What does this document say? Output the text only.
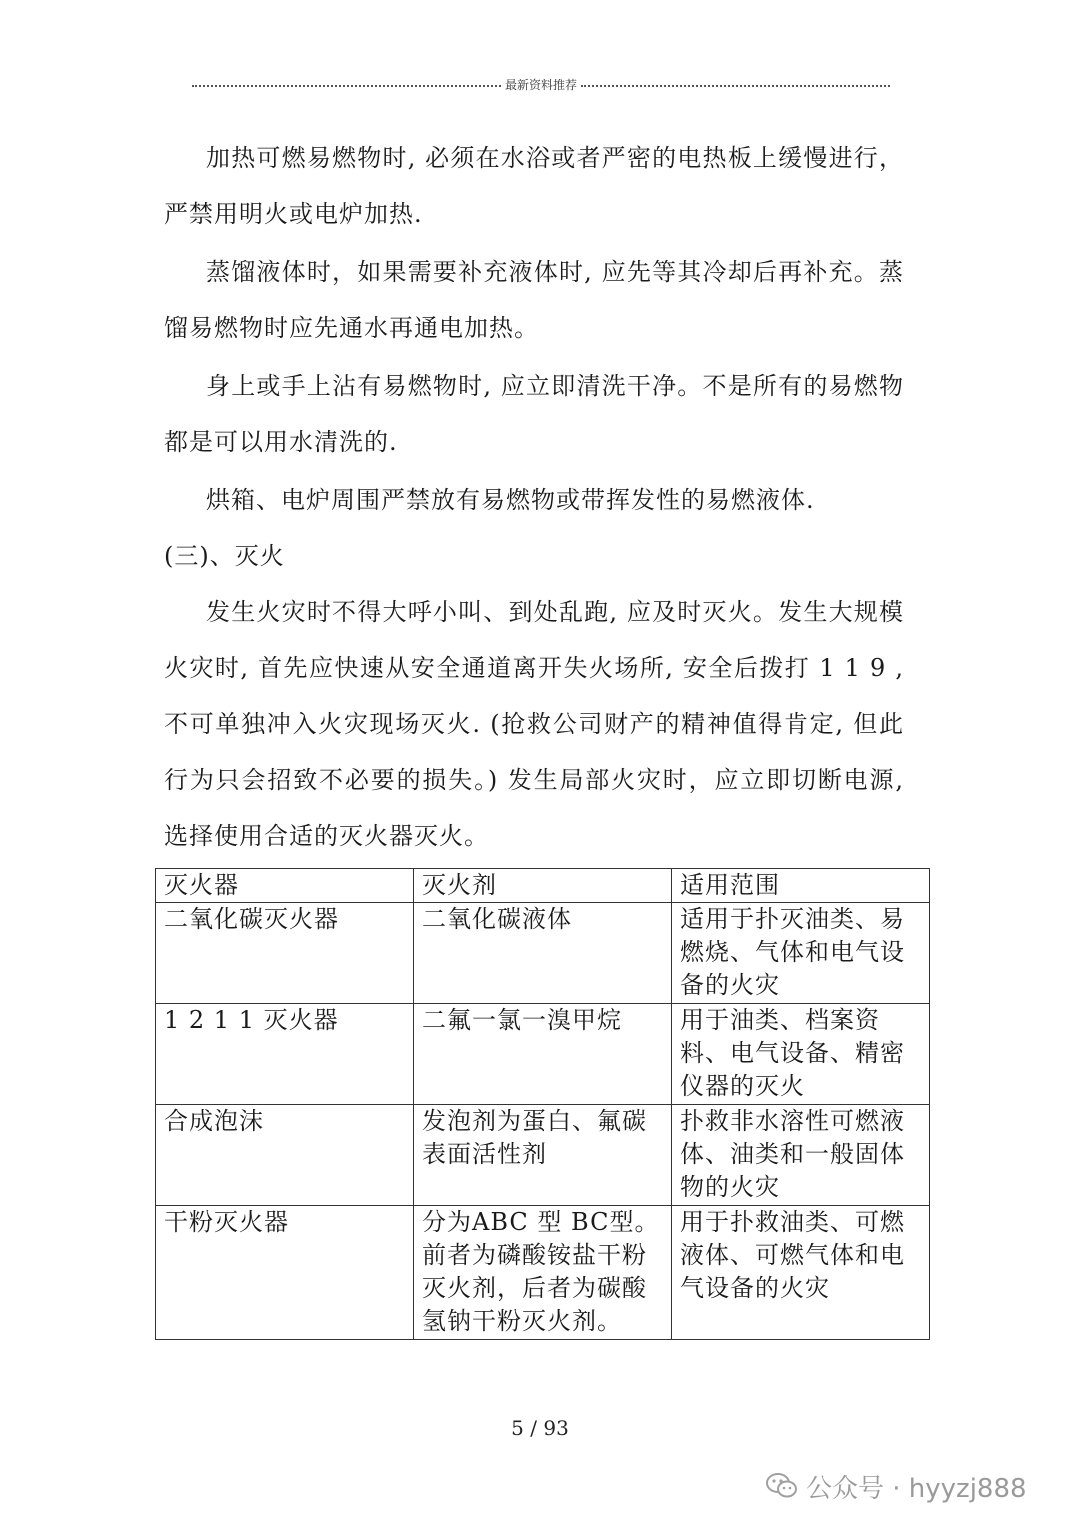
最新资料推荐

加热可燃易燃物时, 必须在水浴或者严密的电热板上缓慢进行，严禁用明火或电炉加热.

蒸馏液体时，如果需要补充液体时, 应先等其冷却后再补充。蒸馏易燃物时应先通水再通电加热。

身上或手上沾有易燃物时, 应立即清洗干净。不是所有的易燃物都是可以用水清洗的.

烘箱、电炉周围严禁放有易燃物或带挥发性的易燃液体.

(三)、灭火

发生火灾时不得大呼小叫、到处乱跑, 应及时灭火。发生大规模火灾时, 首先应快速从安全通道离开失火场所, 安全后拨打 1 1 9 , 不可单独冲入火灾现场灭火. (抢救公司财产的精神值得肯定, 但此行为只会招致不必要的损失。) 发生局部火灾时，应立即切断电源, 选择使用合适的灭火器灭火。

灭火器	灭火剂	适用范围
二氧化碳灭火器	二氧化碳液体	适用于扑灭油类、易燃烧、气体和电气设备的火灾
1 2 1 1 灭火器	二氟一氯一溴甲烷	用于油类、档案资料、电气设备、精密仪器的灭火
合成泡沫	发泡剂为蛋白、氟碳表面活性剂	扑救非水溶性可燃液体、油类和一般固体物的火灾
干粉灭火器	分为ABC 型 BC型。前者为磷酸铵盐干粉灭火剂，后者为碳酸氢钠干粉灭火剂。	用于扑救油类、可燃液体、可燃气体和电气设备的火灾
5 / 93
公众号 · hyyzj888
